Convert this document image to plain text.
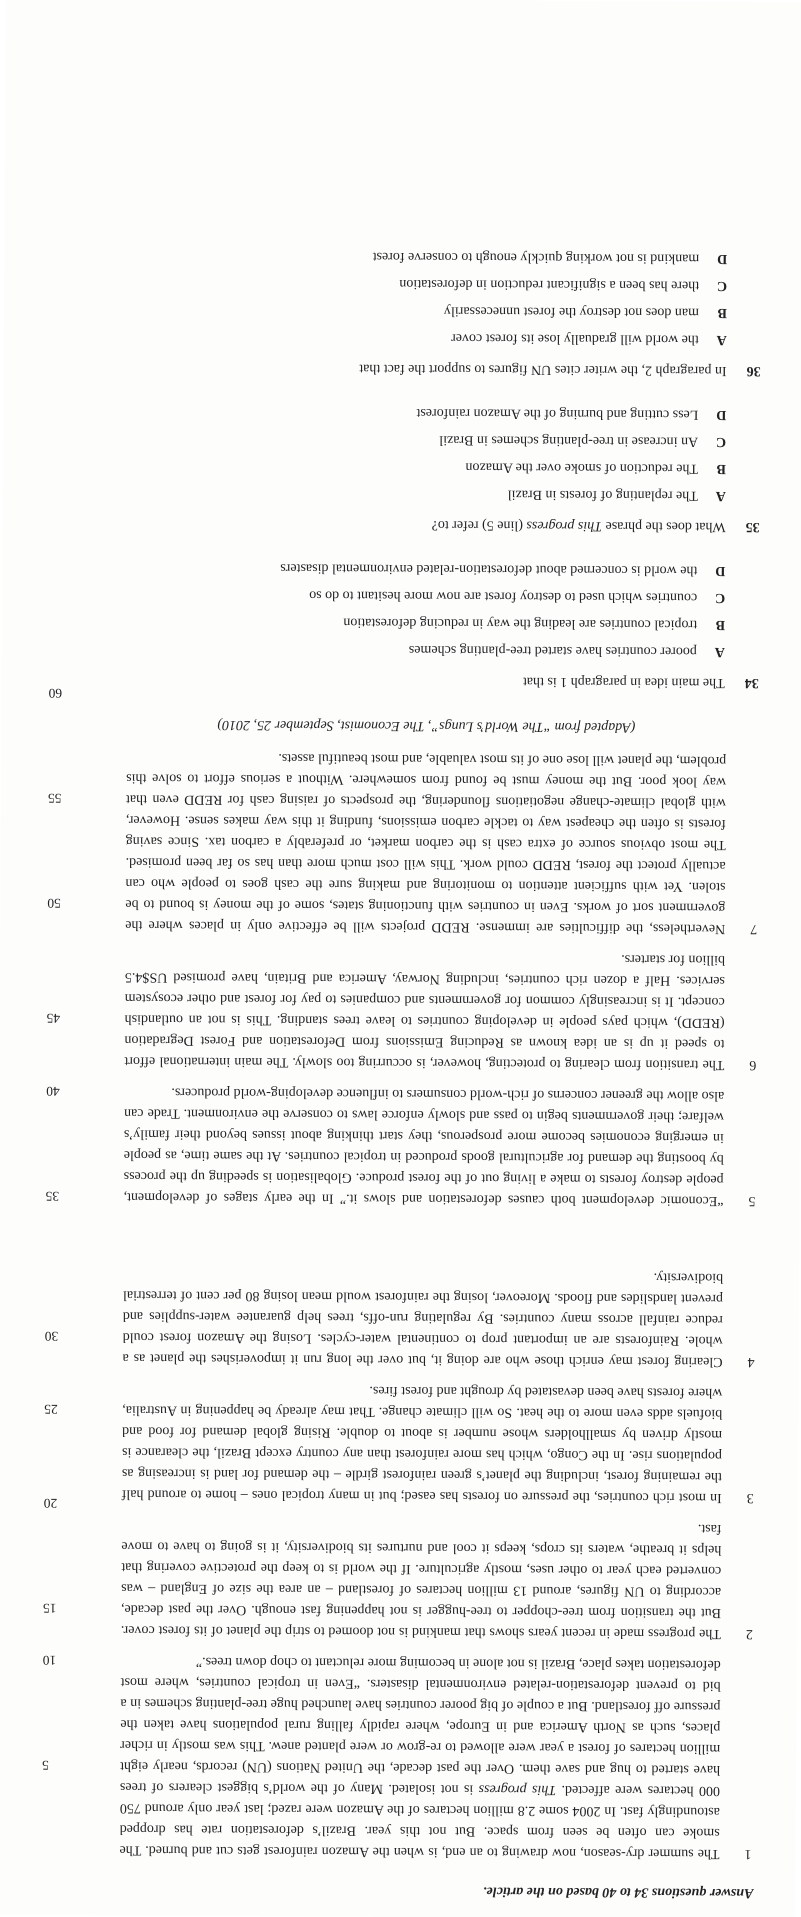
Answer questions 34 to 40 based on the article.
1
The summer dry-season, now drawing to an end, is when the Amazon rainforest gets cut and burned. The smoke can often be seen from space. But not this year. Brazil’s deforestation rate has dropped astoundingly fast. In 2004 some 2.8 million hectares of the Amazon were razed; last year only around 750 000 hectares were affected. This progress is not isolated. Many of the world’s biggest clearers of trees have started to hug and save them. Over the past decade, the United Nations (UN) records, nearly eight million hectares of forest a year were allowed to re-grow or were planted anew. This was mostly in richer places, such as North America and in Europe, where rapidly falling rural populations have taken the pressure off forestland. But a couple of big poorer countries have launched huge tree-planting schemes in a bid to prevent deforestation-related environmental disasters. “Even in tropical countries, where most deforestation takes place, Brazil is not alone in becoming more reluctant to chop down trees.”
5
10
2
The progress made in recent years shows that mankind is not doomed to strip the planet of its forest cover. But the transition from tree-chopper to tree-hugger is not happening fast enough. Over the past decade, according to UN figures, around 13 million hectares of forestland – an area the size of England – was converted each year to other uses, mostly agriculture. If the world is to keep the protective covering that helps it breathe, waters its crops, keeps it cool and nurtures its biodiversity, it is going to have to move fast.
15
20	3
In most rich countries, the pressure on forests has eased; but in many tropical ones – home to around half the remaining forest, including the planet’s green rainforest girdle – the demand for land is increasing as populations rise. In the Congo, which has more rainforest than any country except Brazil, the clearance is mostly driven by smallholders whose number is about to double. Rising global demand for food and biofuels adds even more to the heat. So will climate change. That may already be happening in Australia, where forests have been devastated by drought and forest fires.
25
4
Clearing forest may enrich those who are doing it, but over the long run it impoverishes the planet as a whole. Rainforests are an important prop to continental water-cycles. Losing the Amazon forest could reduce rainfall across many countries. By regulating run-offs, trees help guarantee water-supplies and prevent landslides and floods. Moreover, losing the rainforest would mean losing 80 per cent of terrestrial biodiversity.
30
5
“Economic development both causes deforestation and slows it.” In the early stages of development, people destroy forests to make a living out of the forest produce. Globalisation is speeding up the process by boosting the demand for agricultural goods produced in tropical countries. At the same time, as people in emerging economies become more prosperous, they start thinking about issues beyond their family’s welfare; their governments begin to pass and slowly enforce laws to conserve the environment. Trade can also allow the greener concerns of rich-world consumers to influence developing-world producers.
35
40
6
The transition from clearing to protecting, however, is occurring too slowly. The main international effort to speed it up is an idea known as Reducing Emissions from Deforestation and Forest Degradation (REDD), which pays people in developing countries to leave trees standing. This is not an outlandish concept. It is increasingly common for governments and companies to pay for forest and other ecosystem services. Half a dozen rich countries, including Norway, America and Britain, have promised US$4.5 billion for starters.
45
7
Nevertheless, the difficulties are immense. REDD projects will be effective only in places where the government sort of works. Even in countries with functioning states, some of the money is bound to be stolen. Yet with sufficient attention to monitoring and making sure the cash goes to people who can actually protect the forest, REDD could work. This will cost much more than has so far been promised. The most obvious source of extra cash is the carbon market, or preferably a carbon tax. Since saving forests is often the cheapest way to tackle carbon emissions, funding it this way makes sense. However, with global climate-change negotiations floundering, the prospects of raising cash for REDD even that way look poor. But the money must be found from somewhere. Without a serious effort to solve this problem, the planet will lose one of its most valuable, and most beautiful assets.
50
55
60
(Adapted from “The World’s Lungs”, The Economist, September 25, 2010)
34
The main idea in paragraph 1 is that
A
poorer countries have started tree-planting schemes
B
tropical countries are leading the way in reducing deforestation
C
countries which used to destroy forest are now more hesitant to do so
D
the world is concerned about deforestation-related environmental disasters
35
What does the phrase This progress (line 5) refer to?
A
The replanting of forests in Brazil
B
The reduction of smoke over the Amazon
C
An increase in tree-planting schemes in Brazil
D
Less cutting and burning of the Amazon rainforest
36
In paragraph 2, the writer cites UN figures to support the fact that
A
the world will gradually lose its forest cover
B
man does not destroy the forest unnecessarily
C
there has been a significant reduction in deforestation
D
mankind is not working quickly enough to conserve forest
